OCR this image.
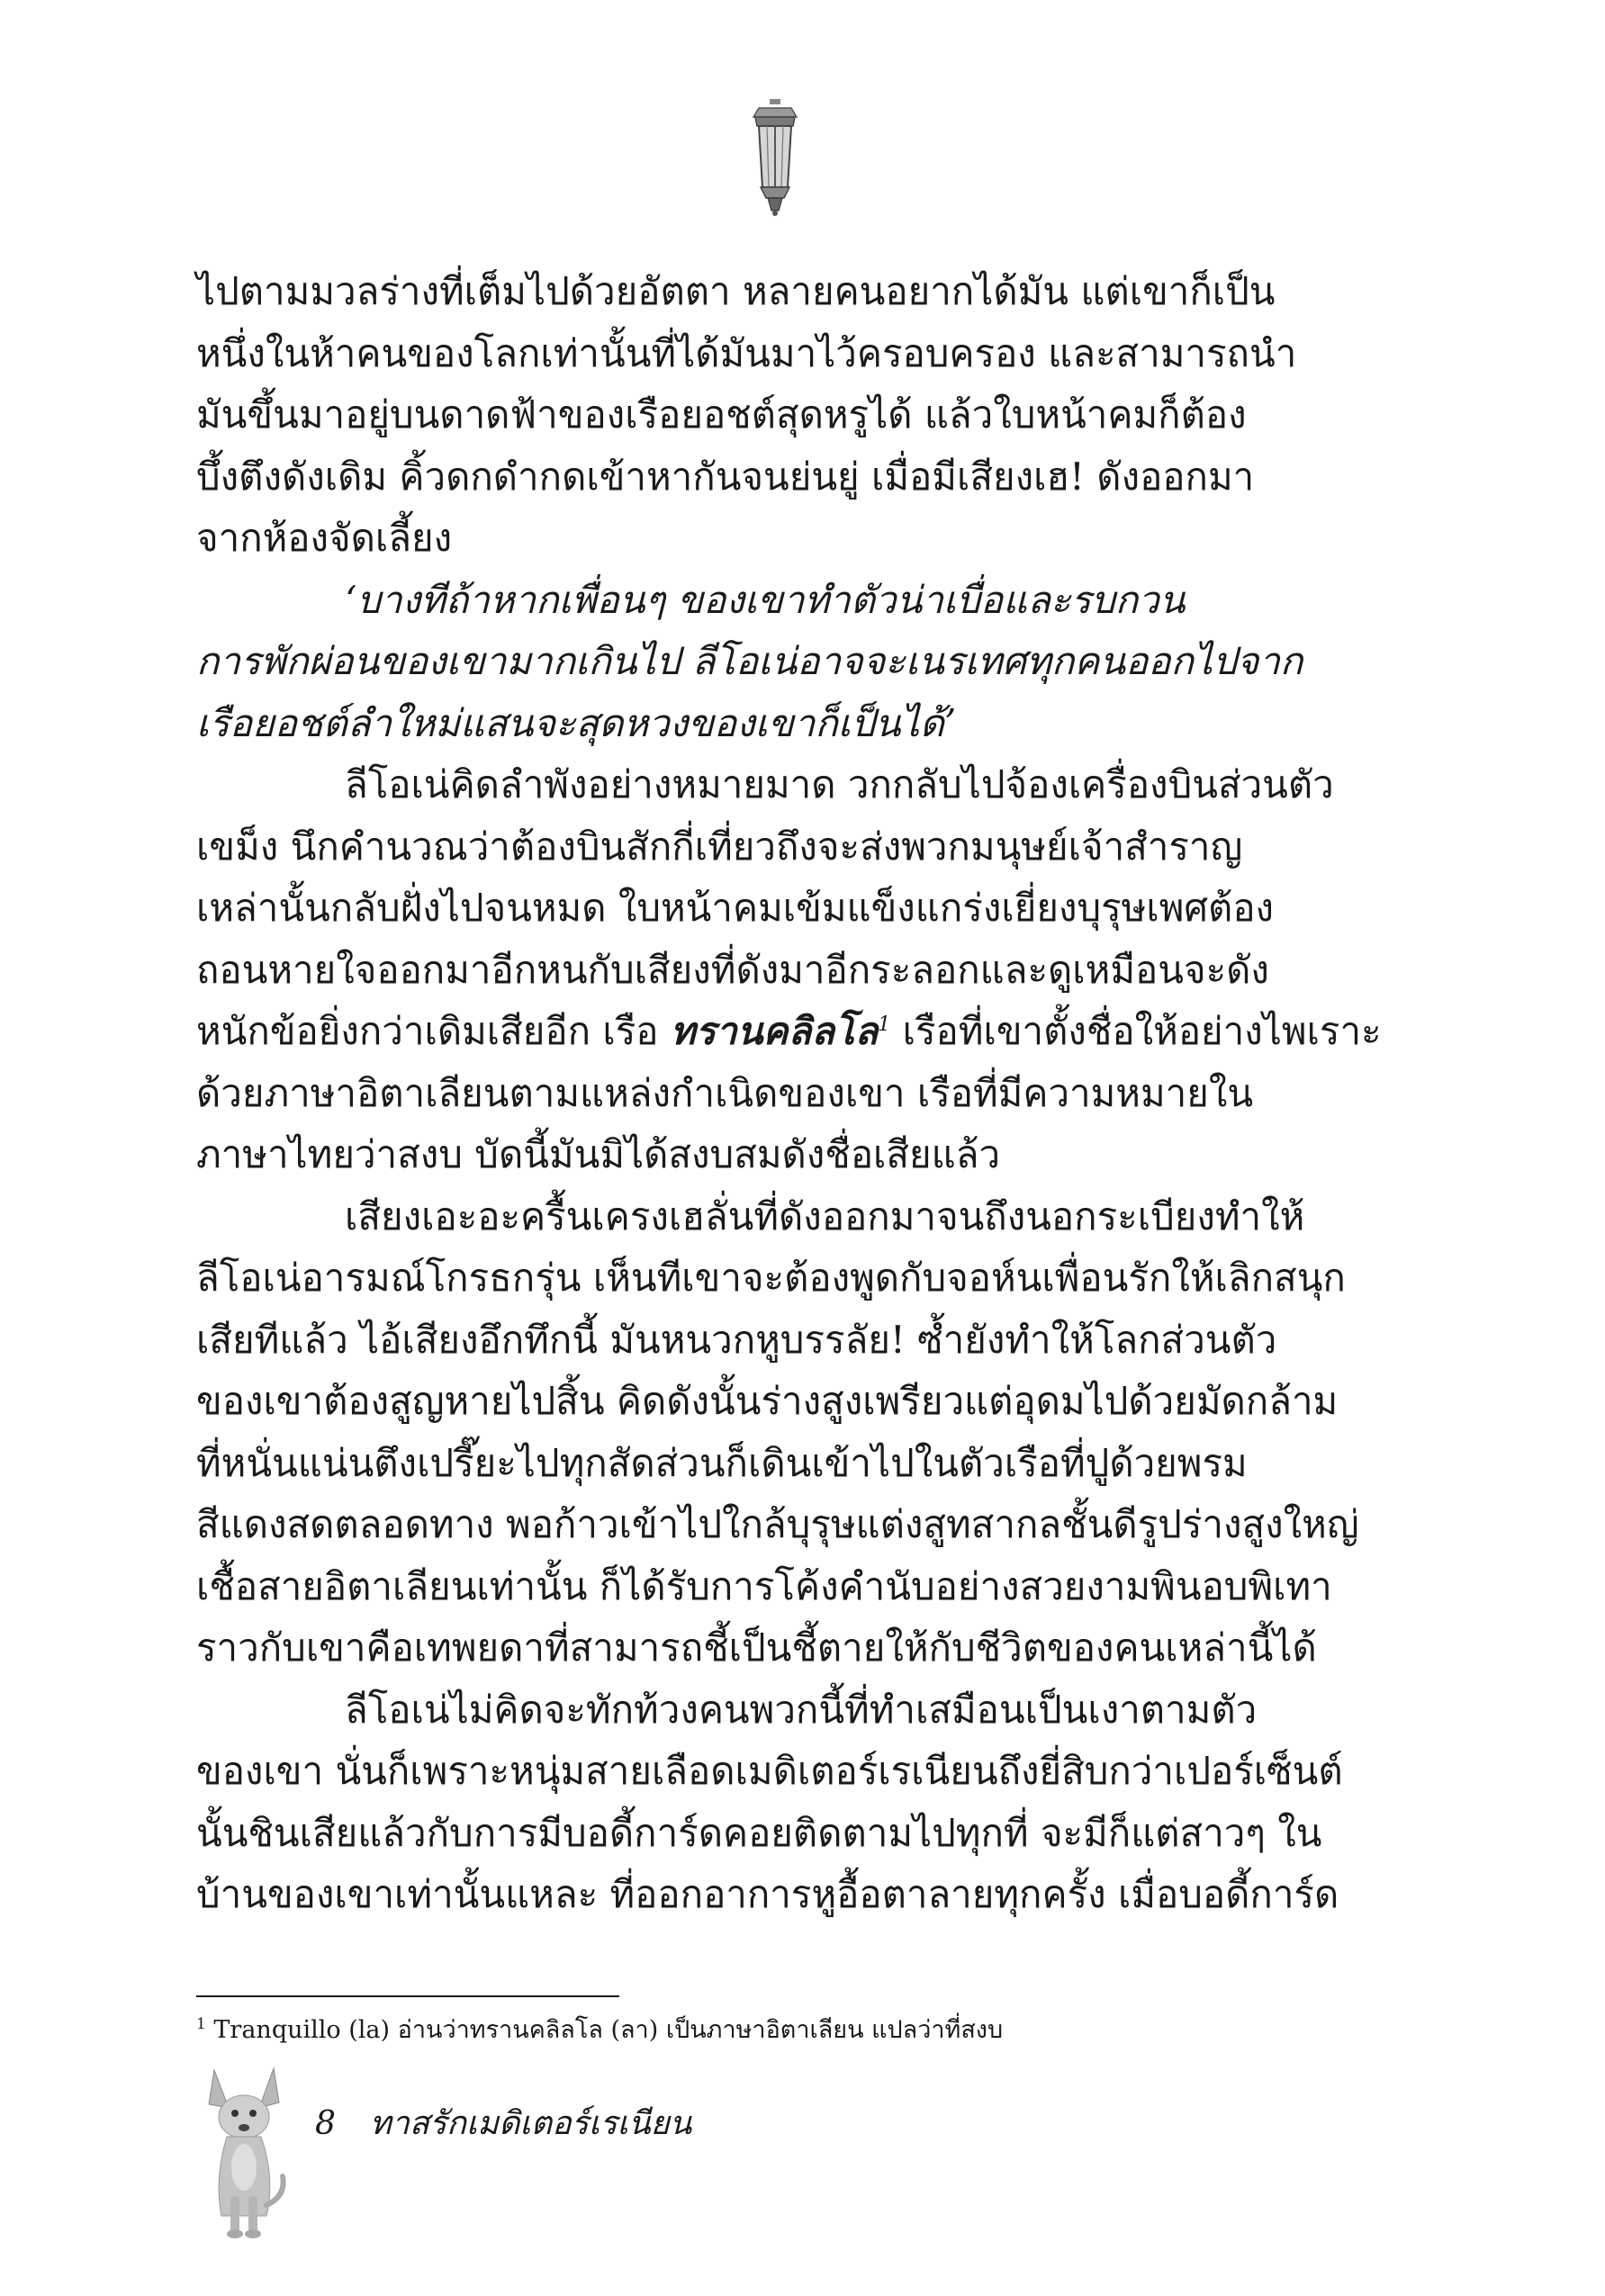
ไปตามมวลร่างที่เต็มไปด้วยอัตตา หลายคนอยากได้มัน แต่เขาก็เป็น
หนึ่งในห้าคนของโลกเท่านั้นที่ได้มันมาไว้ครอบครอง และสามารถนำ
มันขึ้นมาอยู่บนดาดฟ้าของเรือยอชต์สุดหรูได้ แล้วใบหน้าคมก็ต้อง
บึ้งตึงดังเดิม คิ้วดกดำกดเข้าหากันจนย่นยู่ เมื่อมีเสียงเฮ! ดังออกมา
จากห้องจัดเลี้ยง
‘บางทีถ้าหากเพื่อนๆ ของเขาทำตัวน่าเบื่อและรบกวน
การพักผ่อนของเขามากเกินไป ลีโอเน่อาจจะเนรเทศทุกคนออกไปจาก
เรือยอชต์ลำใหม่แสนจะสุดหวงของเขาก็เป็นได้’
ลีโอเน่คิดลำพังอย่างหมายมาด วกกลับไปจ้องเครื่องบินส่วนตัว
เขม็ง นึกคำนวณว่าต้องบินสักกี่เที่ยวถึงจะส่งพวกมนุษย์เจ้าสำราญ
เหล่านั้นกลับฝั่งไปจนหมด ใบหน้าคมเข้มแข็งแกร่งเยี่ยงบุรุษเพศต้อง
ถอนหายใจออกมาอีกหนกับเสียงที่ดังมาอีกระลอกและดูเหมือนจะดัง
หนักข้อยิ่งกว่าเดิมเสียอีก เรือ ทรานคลิลโล$^1$ เรือที่เขาตั้งชื่อให้อย่างไพเราะ
ด้วยภาษาอิตาเลียนตามแหล่งกำเนิดของเขา เรือที่มีความหมายใน
ภาษาไทยว่าสงบ บัดนี้มันมิได้สงบสมดังชื่อเสียแล้ว
เสียงเอะอะครื้นเครงเฮลั่นที่ดังออกมาจนถึงนอกระเบียงทำให้
ลีโอเน่อารมณ์โกรธกรุ่น เห็นทีเขาจะต้องพูดกับจอห์นเพื่อนรักให้เลิกสนุก
เสียทีแล้ว ไอ้เสียงอึกทึกนี้ มันหนวกหูบรรลัย! ซ้ำยังทำให้โลกส่วนตัว
ของเขาต้องสูญหายไปสิ้น คิดดังนั้นร่างสูงเพรียวแต่อุดมไปด้วยมัดกล้าม
ที่หนั่นแน่นตึงเปรี๊ยะไปทุกสัดส่วนก็เดินเข้าไปในตัวเรือที่ปูด้วยพรม
สีแดงสดตลอดทาง พอก้าวเข้าไปใกล้บุรุษแต่งสูทสากลชั้นดีรูปร่างสูงใหญ่
เชื้อสายอิตาเลียนเท่านั้น ก็ได้รับการโค้งคำนับอย่างสวยงามพินอบพิเทา
ราวกับเขาคือเทพยดาที่สามารถชี้เป็นชี้ตายให้กับชีวิตของคนเหล่านี้ได้
ลีโอเน่ไม่คิดจะทักท้วงคนพวกนี้ที่ทำเสมือนเป็นเงาตามตัว
ของเขา นั่นก็เพราะหนุ่มสายเลือดเมดิเตอร์เรเนียนถึงยี่สิบกว่าเปอร์เซ็นต์
นั้นชินเสียแล้วกับการมีบอดี้การ์ดคอยติดตามไปทุกที่ จะมีก็แต่สาวๆ ใน
บ้านของเขาเท่านั้นแหละ ที่ออกอาการหูอื้อตาลายทุกครั้ง เมื่อบอดี้การ์ด
$^1$ Tranquillo (la) อ่านว่าทรานคลิลโล (ลา) เป็นภาษาอิตาเลียน แปลว่าที่สงบ
8 ทาสรักเมดิเตอร์เรเนียน
